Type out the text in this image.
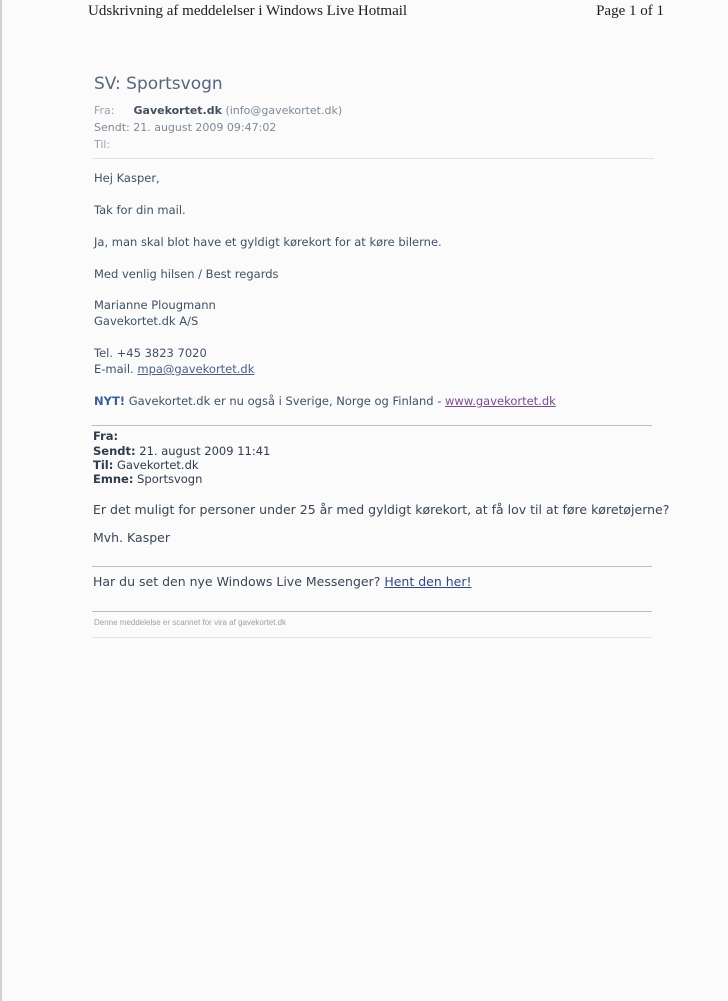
Udskrivning af meddelelser i Windows Live Hotmail	Page 1 of 1
SV: Sportsvogn
Fra: Gavekortet.dk (info@gavekortet.dk)
Sendt: 21. august 2009 09:47:02
Til:
Hej Kasper,
Tak for din mail.
Ja, man skal blot have et gyldigt kørekort for at køre bilerne.
Med venlig hilsen / Best regards
Marianne Plougmann
Gavekortet.dk A/S
Tel. +45 3823 7020
E-mail. mpa@gavekortet.dk
NYT! Gavekortet.dk er nu også i Sverige, Norge og Finland - www.gavekortet.dk
Fra:
Sendt: 21. august 2009 11:41
Til: Gavekortet.dk
Emne: Sportsvogn
Er det muligt for personer under 25 år med gyldigt kørekort, at få lov til at føre køretøjerne?
Mvh. Kasper
Har du set den nye Windows Live Messenger? Hent den her!
Denne meddelelse er scannet for vira af gavekortet.dk
